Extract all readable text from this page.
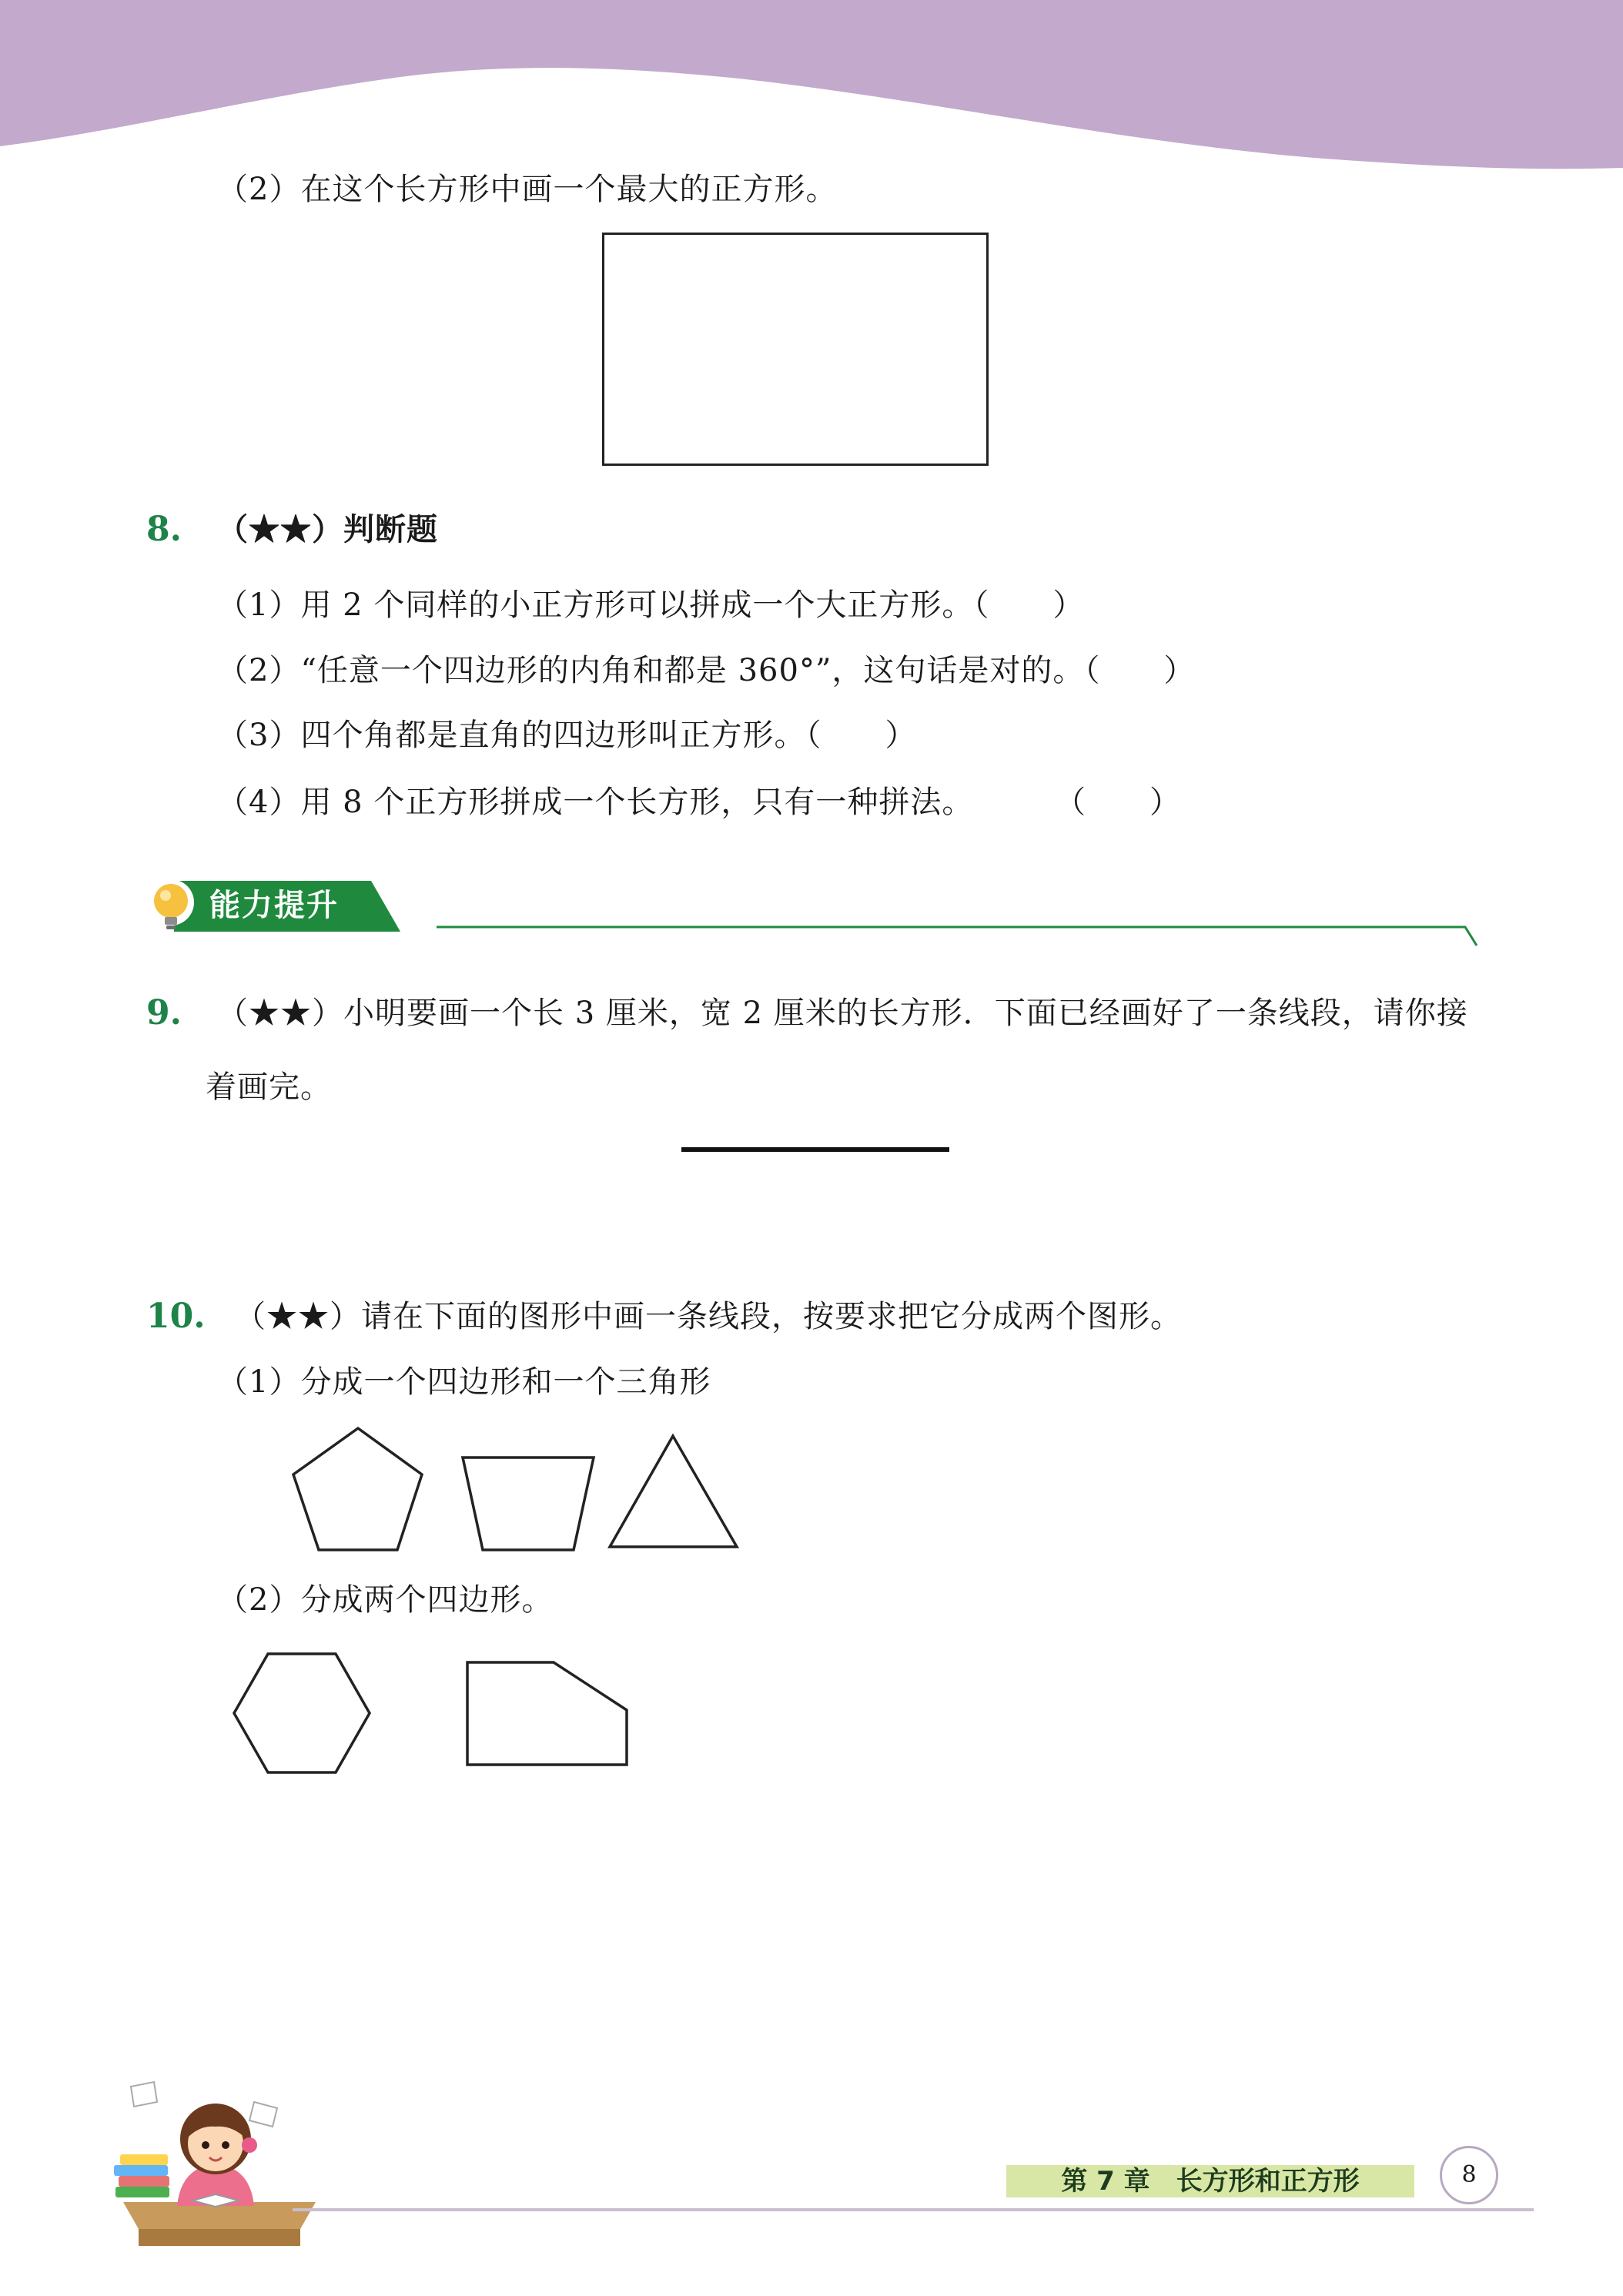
（2）在这个长方形中画一个最大的正方形。
8. （★★）判断题
（1）用 2 个同样的小正方形可以拼成一个大正方形。（　　）
（2）“任意一个四边形的内角和都是 360°”，这句话是对的。（　　）
（3）四个角都是直角的四边形叫正方形。（　　）
（4）用 8 个正方形拼成一个长方形，只有一种拼法。	（　　）
能力提升
9. （★★）小明要画一个长 3 厘米，宽 2 厘米的长方形．下面已经画好了一条线段，请你接
着画完。
10. （★★）请在下面的图形中画一条线段，按要求把它分成两个图形。
（1）分成一个四边形和一个三角形
（2）分成两个四边形。
第 7 章　长方形和正方形	8
